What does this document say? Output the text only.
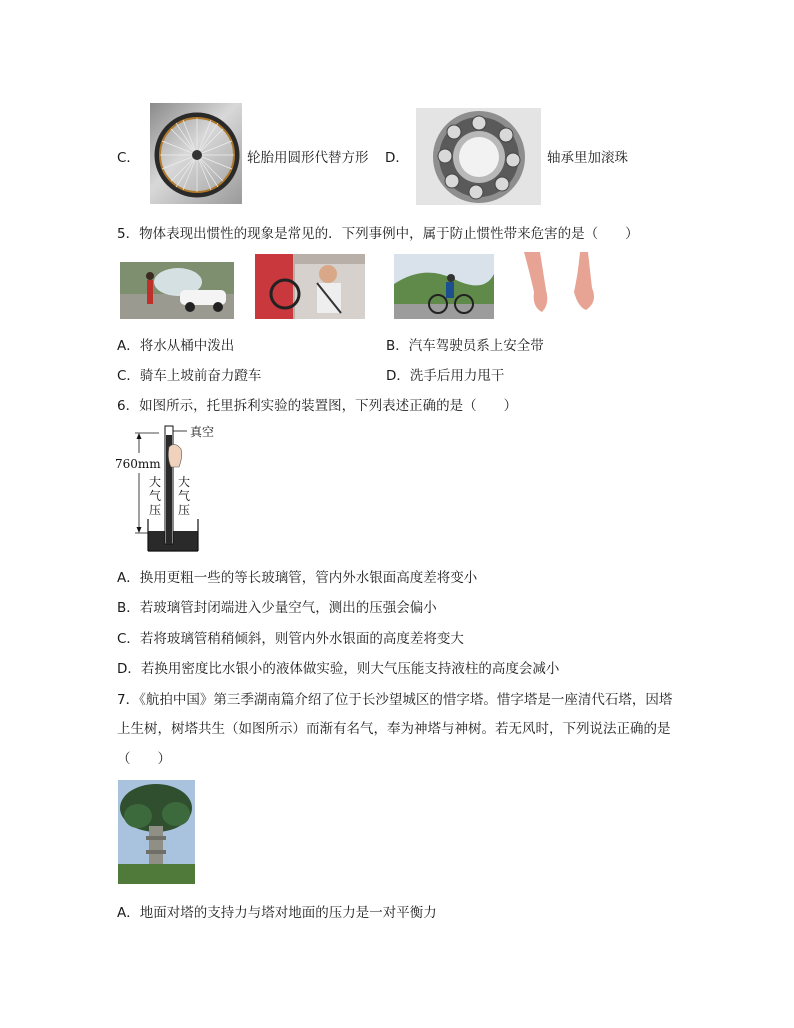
C．	轮胎用圆形代替方形 D．	轴承里加滚珠
5．物体表现出惯性的现象是常见的．下列事例中，属于防止惯性带来危害的是（　　）
A．将水从桶中泼出	B．汽车驾驶员系上安全带
C．骑车上坡前奋力蹬车	D．洗手后用力甩干
6．如图所示，托里拆利实验的装置图，下列表述正确的是（　　）
真空
760mm
大
气
压
大
气
压
A．换用更粗一些的等长玻璃管，管内外水银面高度差将变小
B．若玻璃管封闭端进入少量空气，测出的压强会偏小
C．若将玻璃管稍稍倾斜，则管内外水银面的高度差将变大
D．若换用密度比水银小的液体做实验，则大气压能支持液柱的高度会减小
7．《航拍中国》第三季湖南篇介绍了位于长沙望城区的惜字塔。惜字塔是一座清代石塔，因塔
上生树，树塔共生（如图所示）而渐有名气，奉为神塔与神树。若无风时，下列说法正确的是
（　　）
A．地面对塔的支持力与塔对地面的压力是一对平衡力
